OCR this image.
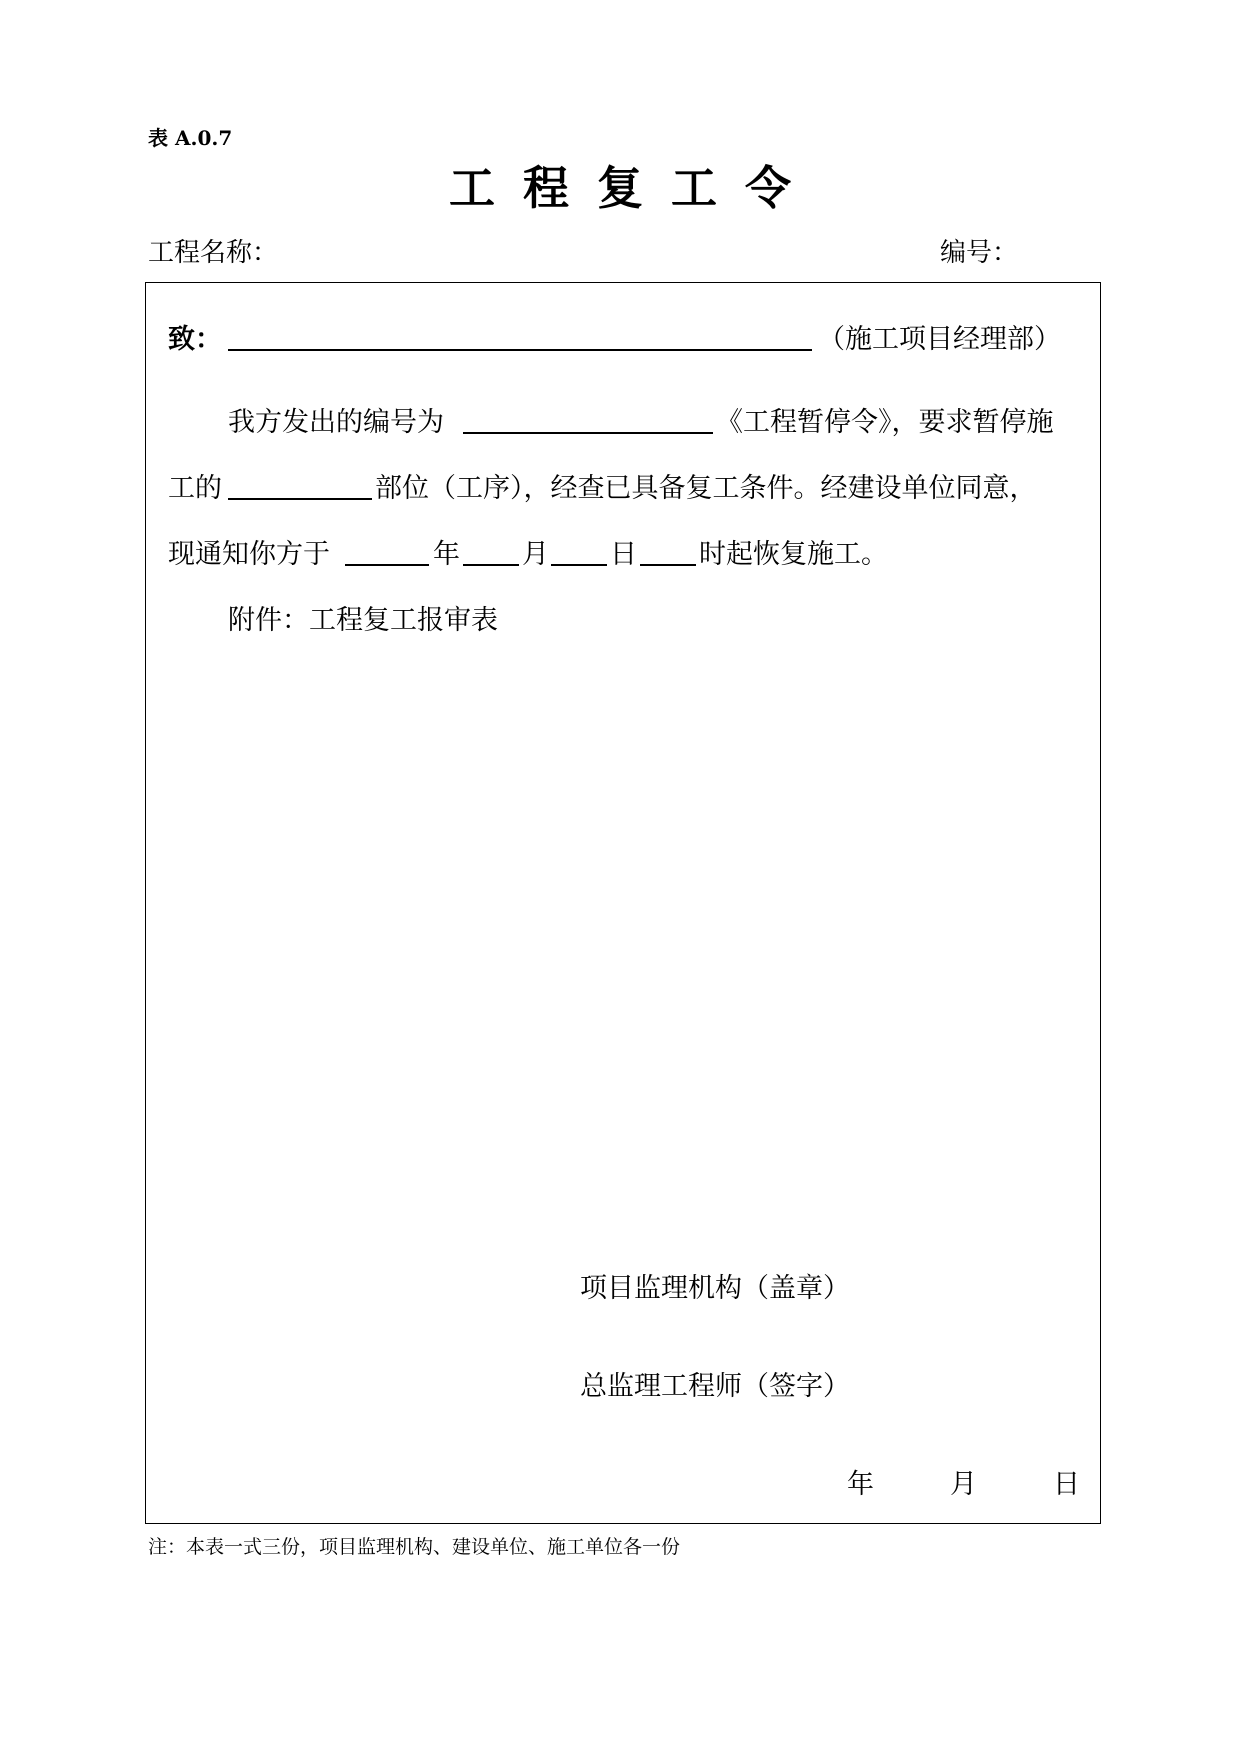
表 A.0.7
工程复工令
工程名称：	编号：
致：	（施工项目经理部）
我方发出的编号为	《工程暂停令》，要求暂停施
工的	部位（工序），经查已具备复工条件。经建设单位同意，
现通知你方于	年 月 日 时起恢复施工。
附件：工程复工报审表
项目监理机构（盖章）
总监理工程师（签字）
年	月	日
注：本表一式三份，项目监理机构、建设单位、施工单位各一份
